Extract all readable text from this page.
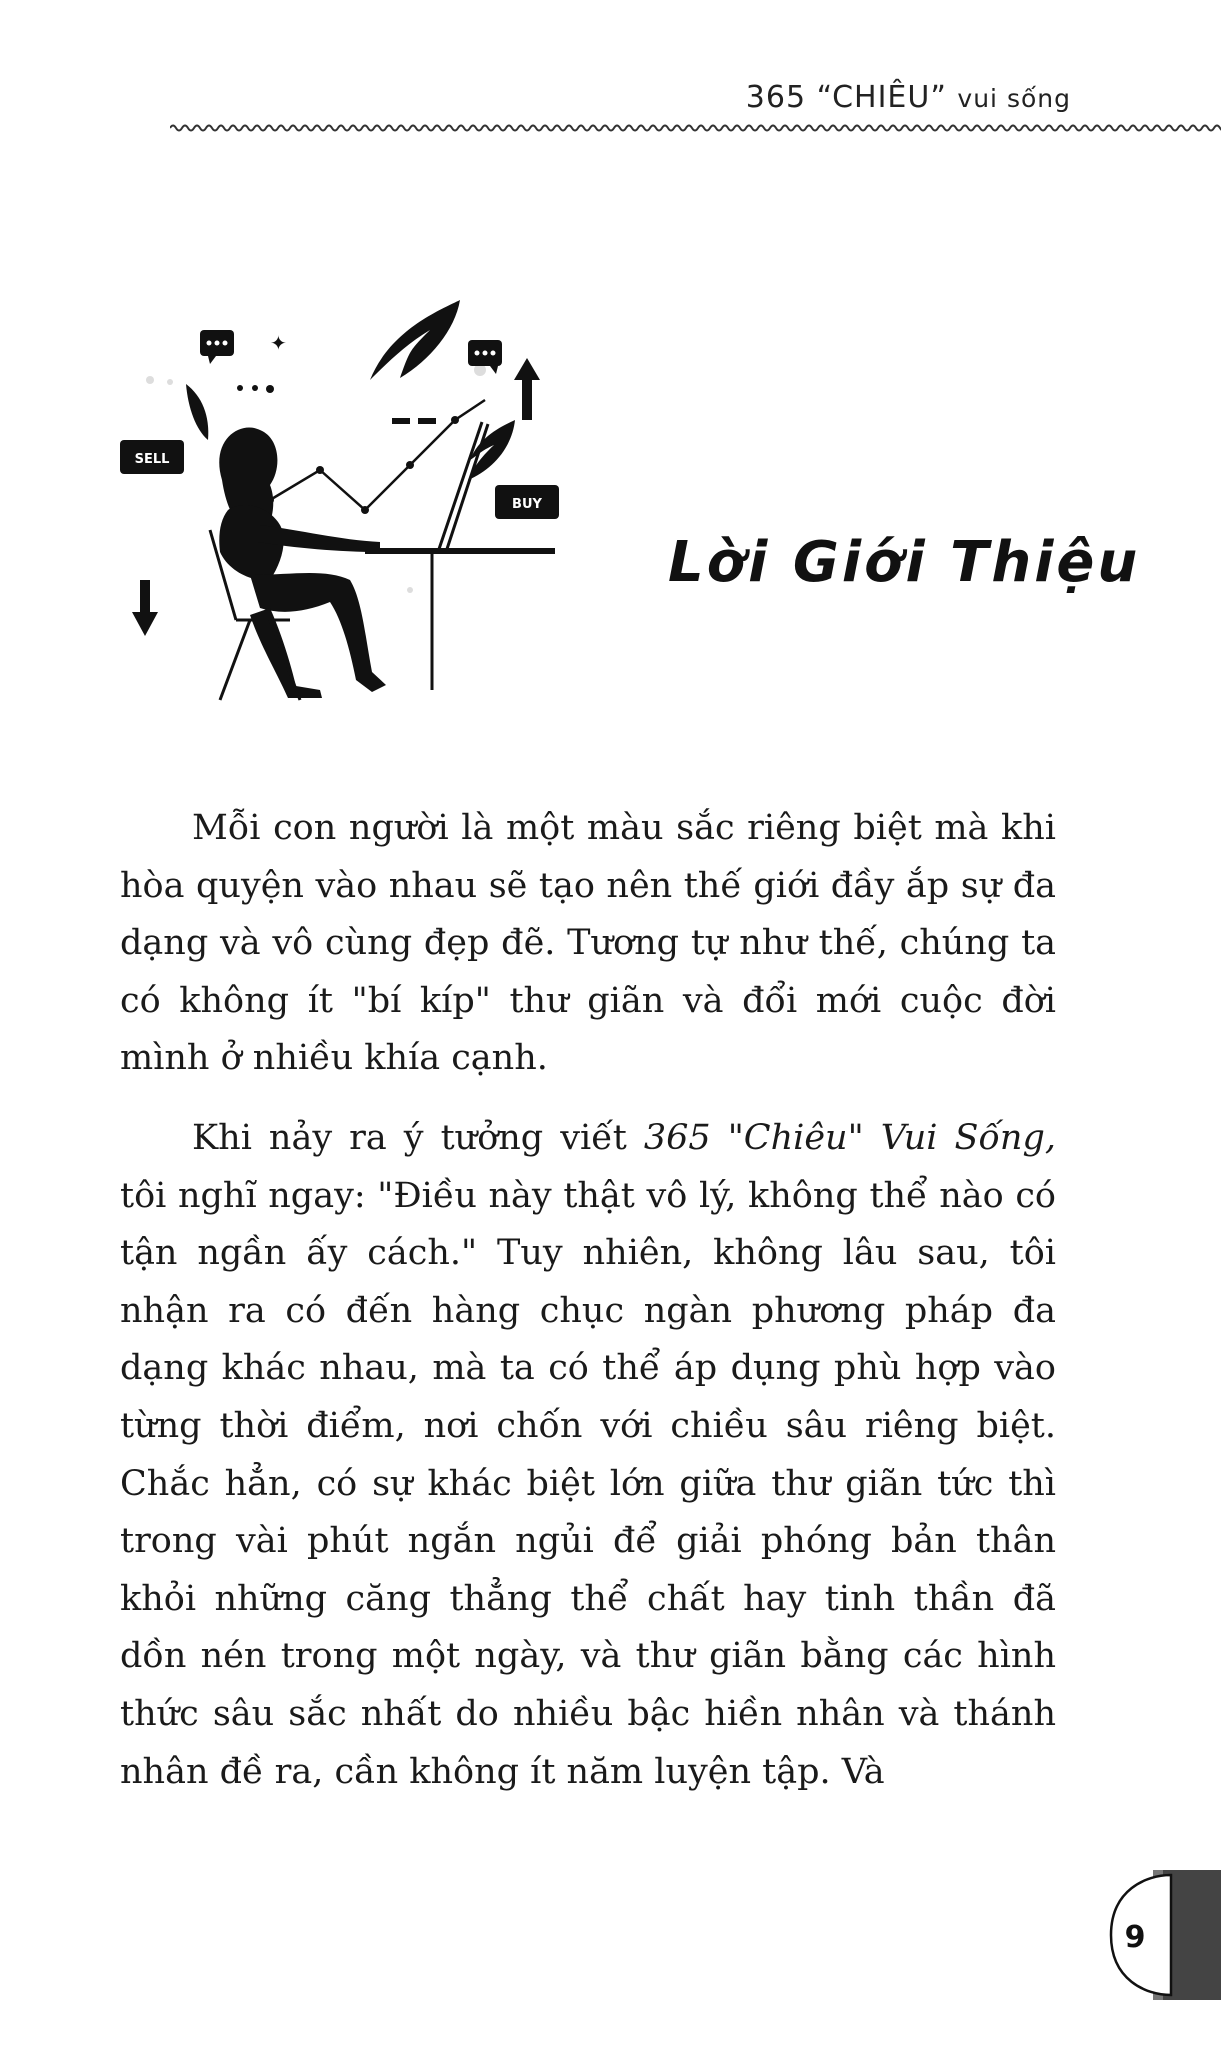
365 “CHIÊU” vui sống
✦
SELL
BUY
Lời Giới Thiệu

Mỗi con người là một màu sắc riêng biệt mà khi hòa quyện vào nhau sẽ tạo nên thế giới đầy ắp sự đa dạng và vô cùng đẹp đẽ. Tương tự như thế, chúng ta có không ít "bí kíp" thư giãn và đổi mới cuộc đời mình ở nhiều khía cạnh.

Khi nảy ra ý tưởng viết 365 "Chiêu" Vui Sống, tôi nghĩ ngay: "Điều này thật vô lý, không thể nào có tận ngần ấy cách." Tuy nhiên, không lâu sau, tôi nhận ra có đến hàng chục ngàn phương pháp đa dạng khác nhau, mà ta có thể áp dụng phù hợp vào từng thời điểm, nơi chốn với chiều sâu riêng biệt. Chắc hẳn, có sự khác biệt lớn giữa thư giãn tức thì trong vài phút ngắn ngủi để giải phóng bản thân khỏi những căng thẳng thể chất hay tinh thần đã dồn nén trong một ngày, và thư giãn bằng các hình thức sâu sắc nhất do nhiều bậc hiền nhân và thánh nhân đề ra, cần không ít năm luyện tập. Và

9
